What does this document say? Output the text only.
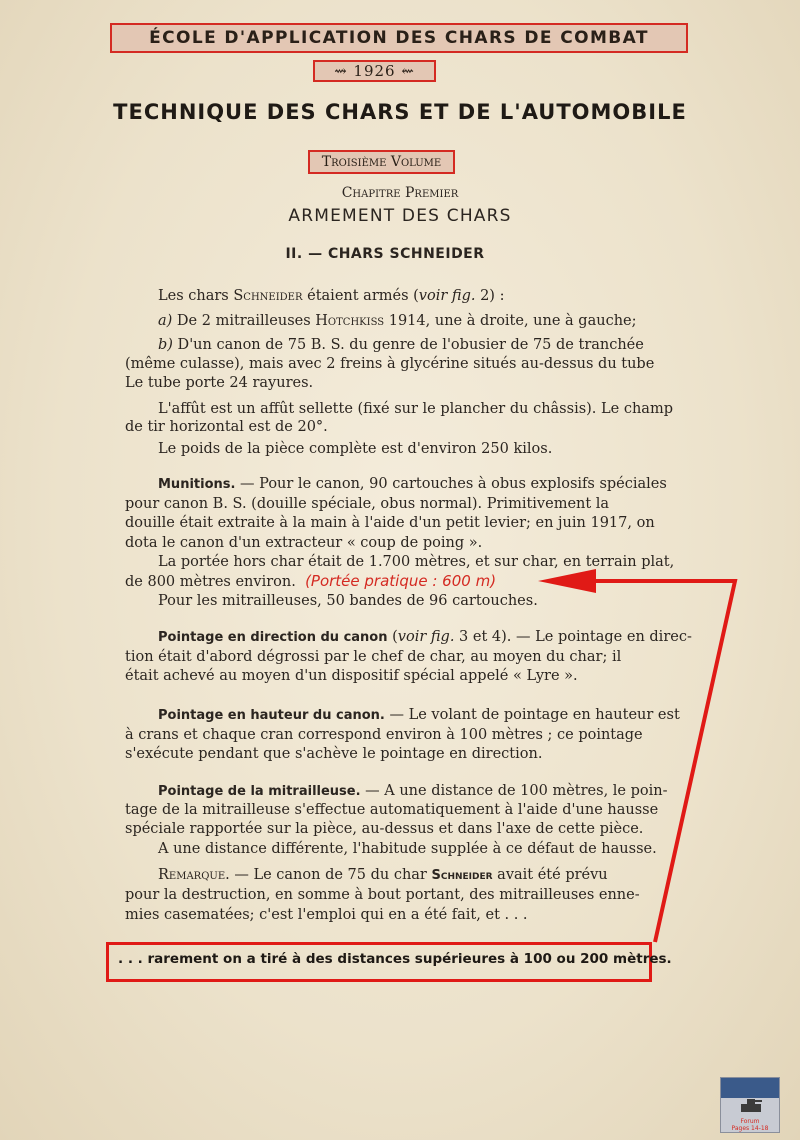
ÉCOLE D'APPLICATION DES CHARS DE COMBAT
⇝ 1926 ⇜
TECHNIQUE DES CHARS ET DE L'AUTOMOBILE
Troisième Volume
Chapitre Premier
ARMEMENT DES CHARS
II. — CHARS SCHNEIDER
Les chars Schneider étaient armés (voir fig. 2) :
a) De 2 mitrailleuses Hotchkiss 1914, une à droite, une à gauche;
b) D'un canon de 75 B. S. du genre de l'obusier de 75 de tranchée
(même culasse), mais avec 2 freins à glycérine situés au-dessus du tube
Le tube porte 24 rayures.
L'affût est un affût sellette (fixé sur le plancher du châssis). Le champ
de tir horizontal est de 20°.
Le poids de la pièce complète est d'environ 250 kilos.
Munitions. — Pour le canon, 90 cartouches à obus explosifs spéciales
pour canon B. S. (douille spéciale, obus normal). Primitivement la
douille était extraite à la main à l'aide d'un petit levier; en juin 1917, on
dota le canon d'un extracteur « coup de poing ».
La portée hors char était de 1.700 mètres, et sur char, en terrain plat,
de 800 mètres environ. (Portée pratique : 600 m)
Pour les mitrailleuses, 50 bandes de 96 cartouches.
Pointage en direction du canon (voir fig. 3 et 4). — Le pointage en direc-
tion était d'abord dégrossi par le chef de char, au moyen du char; il
était achevé au moyen d'un dispositif spécial appelé « Lyre ».
Pointage en hauteur du canon. — Le volant de pointage en hauteur est
à crans et chaque cran correspond environ à 100 mètres ; ce pointage
s'exécute pendant que s'achève le pointage en direction.
Pointage de la mitrailleuse. — A une distance de 100 mètres, le poin-
tage de la mitrailleuse s'effectue automatiquement à l'aide d'une hausse
spéciale rapportée sur la pièce, au-dessus et dans l'axe de cette pièce.
A une distance différente, l'habitude supplée à ce défaut de hausse.
Remarque. — Le canon de 75 du char Schneider avait été prévu
pour la destruction, en somme à bout portant, des mitrailleuses enne-
mies casematées; c'est l'emploi qui en a été fait, et . . .
. . . rarement on a tiré à des distances supérieures à 100 ou 200 mètres.
Forum
Pages 14-18
